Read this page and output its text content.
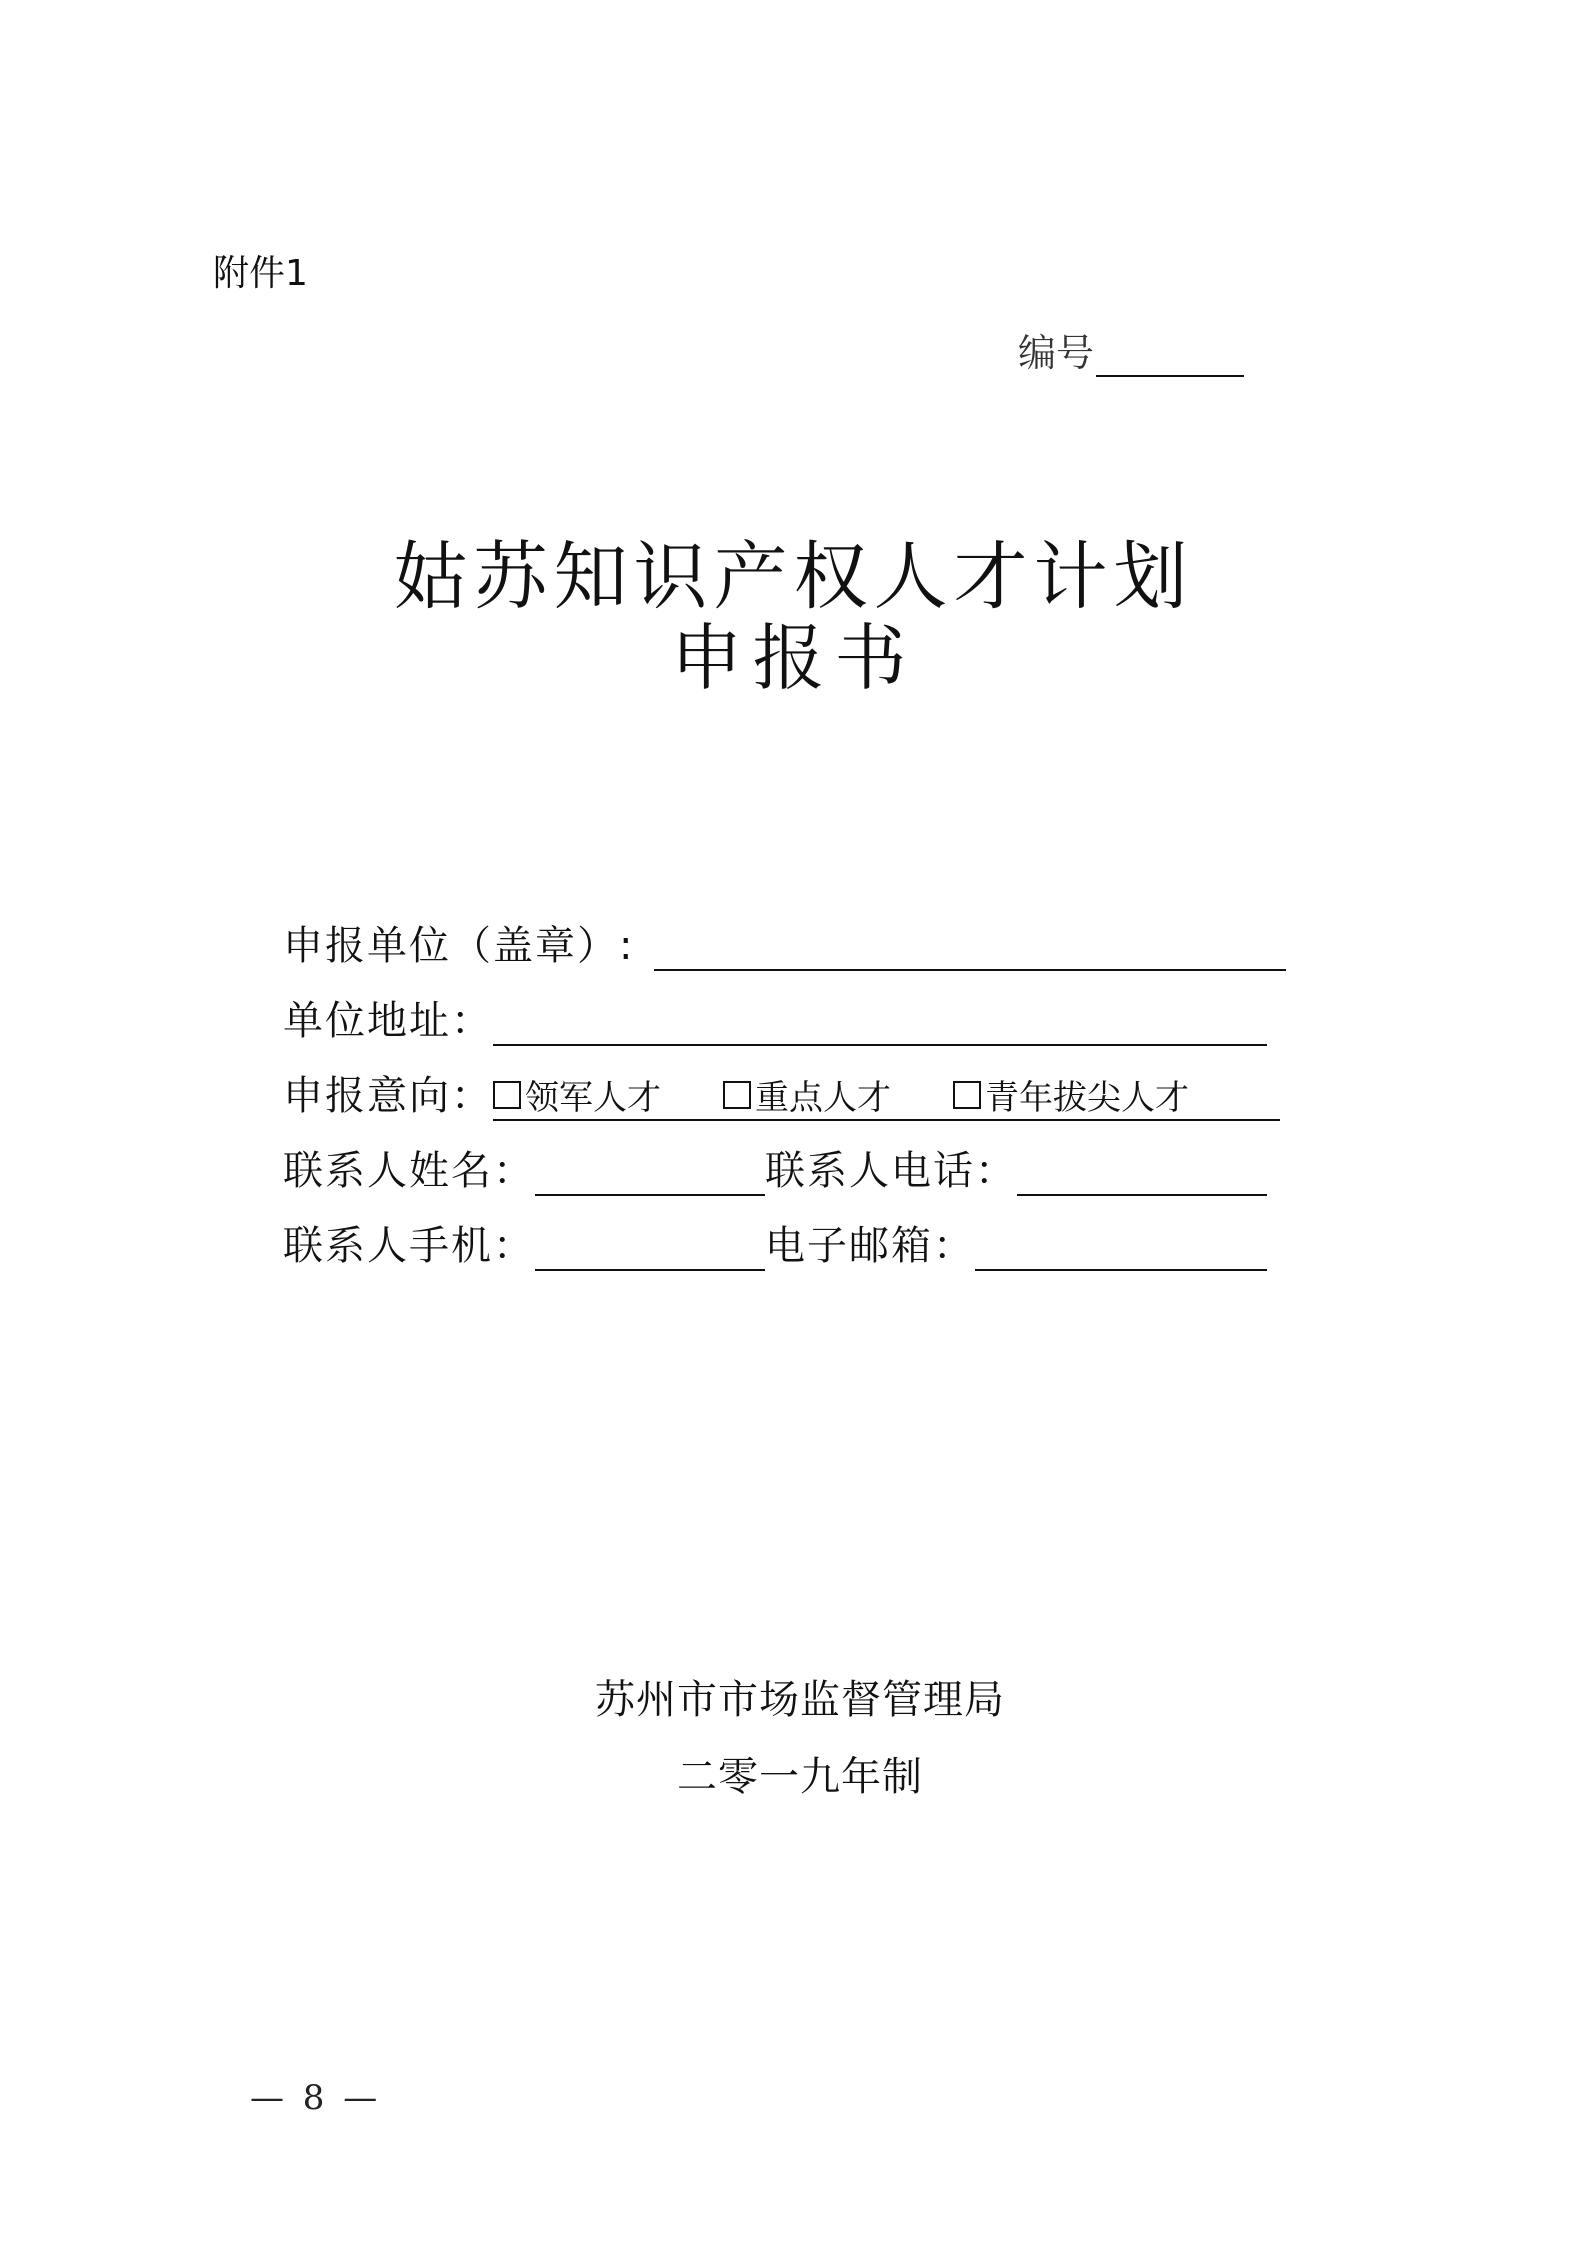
附件1
编号
姑苏知识产权人才计划
申报书
申报单位（盖章）:
单位地址：
申报意向： 领军人才	重点人才	青年拔尖人才
联系人姓名：	联系人电话：
联系人手机：	电子邮箱：
苏州市市场监督管理局
二零一九年制
— 8 —
